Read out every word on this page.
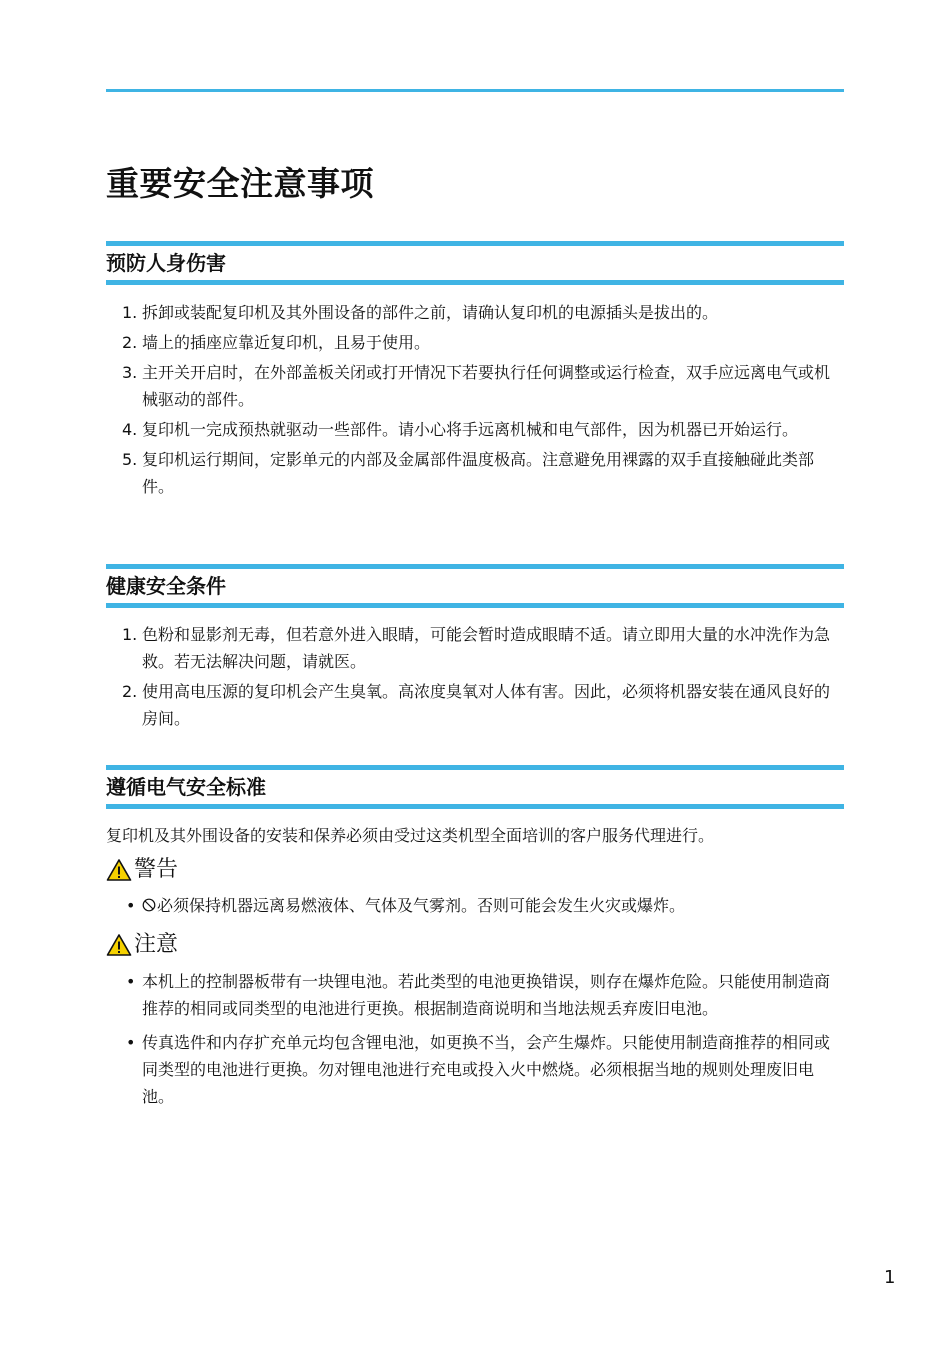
重要安全注意事项
预防人身伤害
1. 拆卸或装配复印机及其外围设备的部件之前，请确认复印机的电源插头是拔出的。
2. 墙上的插座应靠近复印机，且易于使用。
3. 主开关开启时，在外部盖板关闭或打开情况下若要执行任何调整或运行检查，双手应远离电气或机械驱动的部件。
4. 复印机一完成预热就驱动一些部件。请小心将手远离机械和电气部件，因为机器已开始运行。
5. 复印机运行期间，定影单元的内部及金属部件温度极高。注意避免用裸露的双手直接触碰此类部件。
健康安全条件
1. 色粉和显影剂无毒，但若意外进入眼睛，可能会暂时造成眼睛不适。请立即用大量的水冲洗作为急救。若无法解决问题，请就医。
2. 使用高电压源的复印机会产生臭氧。高浓度臭氧对人体有害。因此，必须将机器安装在通风良好的房间。
遵循电气安全标准

复印机及其外围设备的安装和保养必须由受过这类机型全面培训的客户服务代理进行。

警告
• 必须保持机器远离易燃液体、气体及气雾剂。否则可能会发生火灾或爆炸。
注意
• 本机上的控制器板带有一块锂电池。若此类型的电池更换错误，则存在爆炸危险。只能使用制造商推荐的相同或同类型的电池进行更换。根据制造商说明和当地法规丢弃废旧电池。
• 传真选件和内存扩充单元均包含锂电池，如更换不当，会产生爆炸。只能使用制造商推荐的相同或同类型的电池进行更换。勿对锂电池进行充电或投入火中燃烧。必须根据当地的规则处理废旧电池。
1
